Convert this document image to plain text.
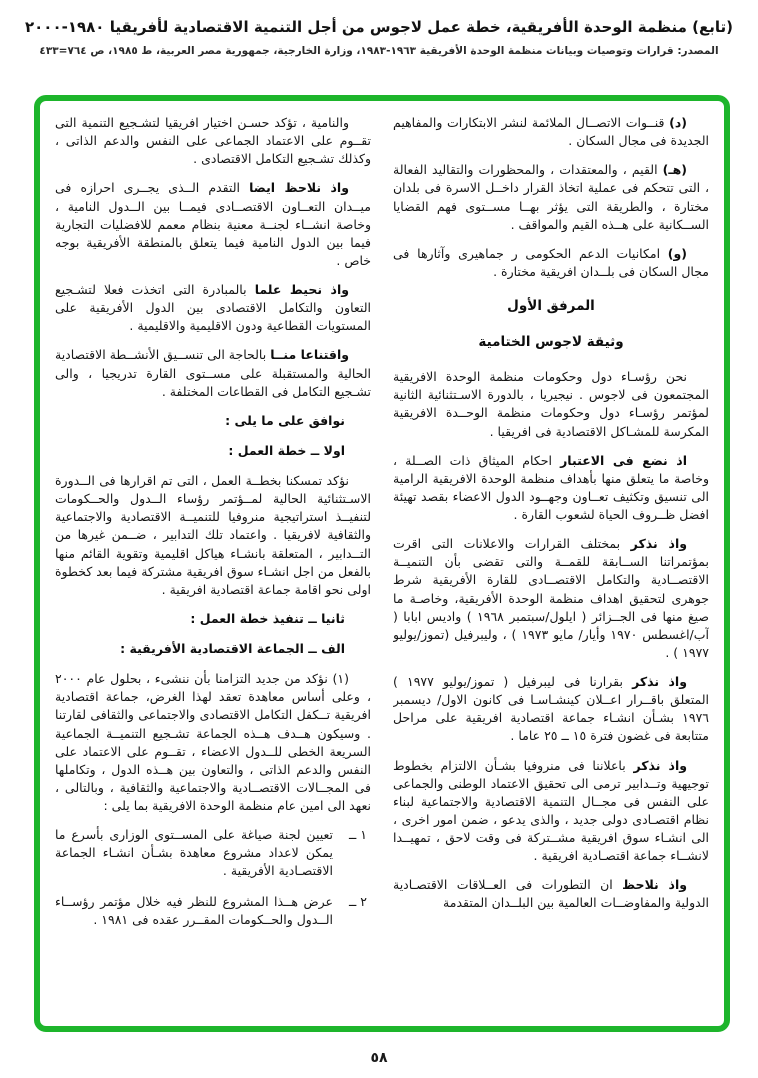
(تابع) منظمة الوحدة الأفريقية، خطة عمل لاجوس من أجل التنمية الاقتصادية لأفريقيا ١٩٨٠-٢٠٠٠
المصدر: قرارات وتوصيات وبيانات منظمة الوحدة الأفريقية ١٩٦٣-١٩٨٣، وزارة الخارجية، جمهورية مصر العربية، ط ١٩٨٥، ص ٧٦٤=٤٣٣

(د) قنــوات الاتصــال الملائمة لنشر الابتكارات والمفاهيم الجديدة فى مجال السكان .

(هـ) القيم ، والمعتقدات ، والمحظورات والتقاليد الفعالة ، التى تتحكم فى عملية اتخاذ القرار داخــل الاسرة فى بلدان مختارة ، والطريقة التى يؤثر بهــا مســتوى فهم القضايا الســكانية على هــذه القيم والمواقف .

(و) امكانيات الدعم الحكومى ر جماهيرى وآثارها فى مجال السكان فى بلــدان افريقية مختارة .

المرفق الأول
وثيقة لاجوس الختامية

نحن رؤسـاء دول وحكومات منظمة الوحدة الافريقية المجتمعون فى لاجوس . نيجيريا ، بالدورة الاسـتثنائية الثانية لمؤتمر رؤسـاء دول وحكومات منظمة الوحــدة الافريقية المكرسة للمشـاكل الاقتصادية فى افريقيا .

اذ نضع فى الاعتبار احكام الميثاق ذات الصــلة ، وخاصة ما يتعلق منها بأهداف منظمة الوحدة الافريقية الرامية الى تنسيق وتكثيف تعــاون وجهــود الدول الاعضاء بقصد تهيئة افضل ظــروف الحياة لشعوب القارة .

واذ نذكر بمختلف القرارات والاعلانات التى اقرت بمؤتمراتنا الســابقة للقمــة والتى تقضى بأن التنميــة الاقتصــادية والتكامل الاقتصــادى للقارة الأفريقية شرط جوهرى لتحقيق اهداف منظمة الوحدة الأفريقية، وخاصـة ما صيغ منها فى الجــزائر ( ايلول/سبتمبر ١٩٦٨ ) واديس ابابا ( آب/اغسطس ١٩٧٠ وأيار/ مايو ١٩٧٣ ) ، وليبرفيل (تموز/يوليو ١٩٧٧ ) .

واذ نذكر بقرارنا فى ليبرفيل ( تموز/يوليو ١٩٧٧ ) المتعلق باقــرار اعــلان كينشـاسـا فى كانون الاول/ ديسمبر ١٩٧٦ بشـأن انشـاء جماعة اقتصادية افريقية على مراحل متتابعة فى غضون فترة ١٥ ــ ٢٥ عاما .

واذ نذكر باعلاننا فى منروفيا بشـأن الالتزام بخطوط توجيهية وتــدابير ترمى الى تحقيق الاعتماد الوطنى والجماعى على النفس فى مجــال التنمية الاقتصادية والاجتماعية لبناء نظام اقتصـادى دولى جديد ، والذى يدعو ، ضمن امور اخرى ، الى انشـاء سوق افريقية مشــتركة فى وقت لاحق ، تمهيــدا لانشــاء جماعة اقتصـادية افريقية .

واذ نلاحظ ان التطورات فى العــلاقات الاقتصـادية الدولية والمفاوضــات العالمية بين البلــدان المتقدمة

والنامية ، تؤكد حسـن اختيار افريقيا لتشـجيع التنمية التى تقــوم على الاعتماد الجماعى على النفس والدعم الذاتى ، وكذلك تشـجيع التكامل الاقتصادى .

واذ نلاحظ ايضا التقدم الــذى يجــرى احرازه فى ميــدان التعــاون الاقتصــادى فيمــا بين الــدول النامية ، وخاصة انشــاء لجنــة معنية بنظام معمم للافضليات التجارية فيما بين الدول النامية فيما يتعلق بالمنطقة الأفريقية بوجه خاص .

واذ نحيط علما بالمبادرة التى اتخذت فعلا لتشـجيع التعاون والتكامل الاقتصادى بين الدول الأفريقية على المستويات القطاعية ودون الاقليمية والاقليمية .

واقتناعا منــا بالحاجة الى تنســيق الأنشــطة الاقتصادية الحالية والمستقبلة على مســتوى القارة تدريجيا ، والى تشـجيع التكامل فى القطاعات المختلفة .

نوافق على ما يلى :

اولا ــ خطة العمل :

نؤكد تمسكنا بخطــة العمل ، التى تم اقرارها فى الــدورة الاسـتثنائية الحالية لمــؤتمر رؤساء الــدول والحــكومات لتنفيــذ استراتيجية منروفيا للتنميــة الاقتصادية والاجتماعية والثقافية لافريقيا . واعتماد تلك التدابير ، ضــمن غيرها من التــدابير ، المتعلقة بانشـاء هياكل اقليمية وتقوية القائم منها بالفعل من اجل انشـاء سوق افريقية مشتركة فيما بعد كخطوة اولى نحو اقامة جماعة اقتصادية افريقية .

ثانيا ــ تنفيذ خطة العمل :

الف ــ الجماعة الاقتصادية الأفريقية :

(١) نؤكد من جديد التزامنا بأن ننشىء ، بحلول عام ٢٠٠٠ ، وعلى أساس معاهدة تعقد لهذا الغرض، جماعة اقتصادية افريقية تــكفل التكامل الاقتصادى والاجتماعى والثقافى لقارتنا . وسيكون هــدف هــذه الجماعة تشـجيع التنميــة الجماعية السريعة الخطى للــدول الاعضاء ، تقــوم على الاعتماد على النفس والدعم الذاتى ، والتعاون بين هــذه الدول ، وتكاملها فى المجــالات الاقتصــادية والاجتماعية والثقافية ، وبالتالى ، نعهد الى امين عام منظمة الوحدة الافريقية بما يلى :

١ ــ
تعيين لجنة صياغة على المســتوى الوزارى بأسرع ما يمكن لاعداد مشروع معاهدة بشـأن انشـاء الجماعة الاقتصـادية الأفريقية .

٢ ــ
عرض هــذا المشروع للنظر فيه خلال مؤتمر رؤســاء الــدول والحــكومات المقــرر عقده فى ١٩٨١ .

٥٨
